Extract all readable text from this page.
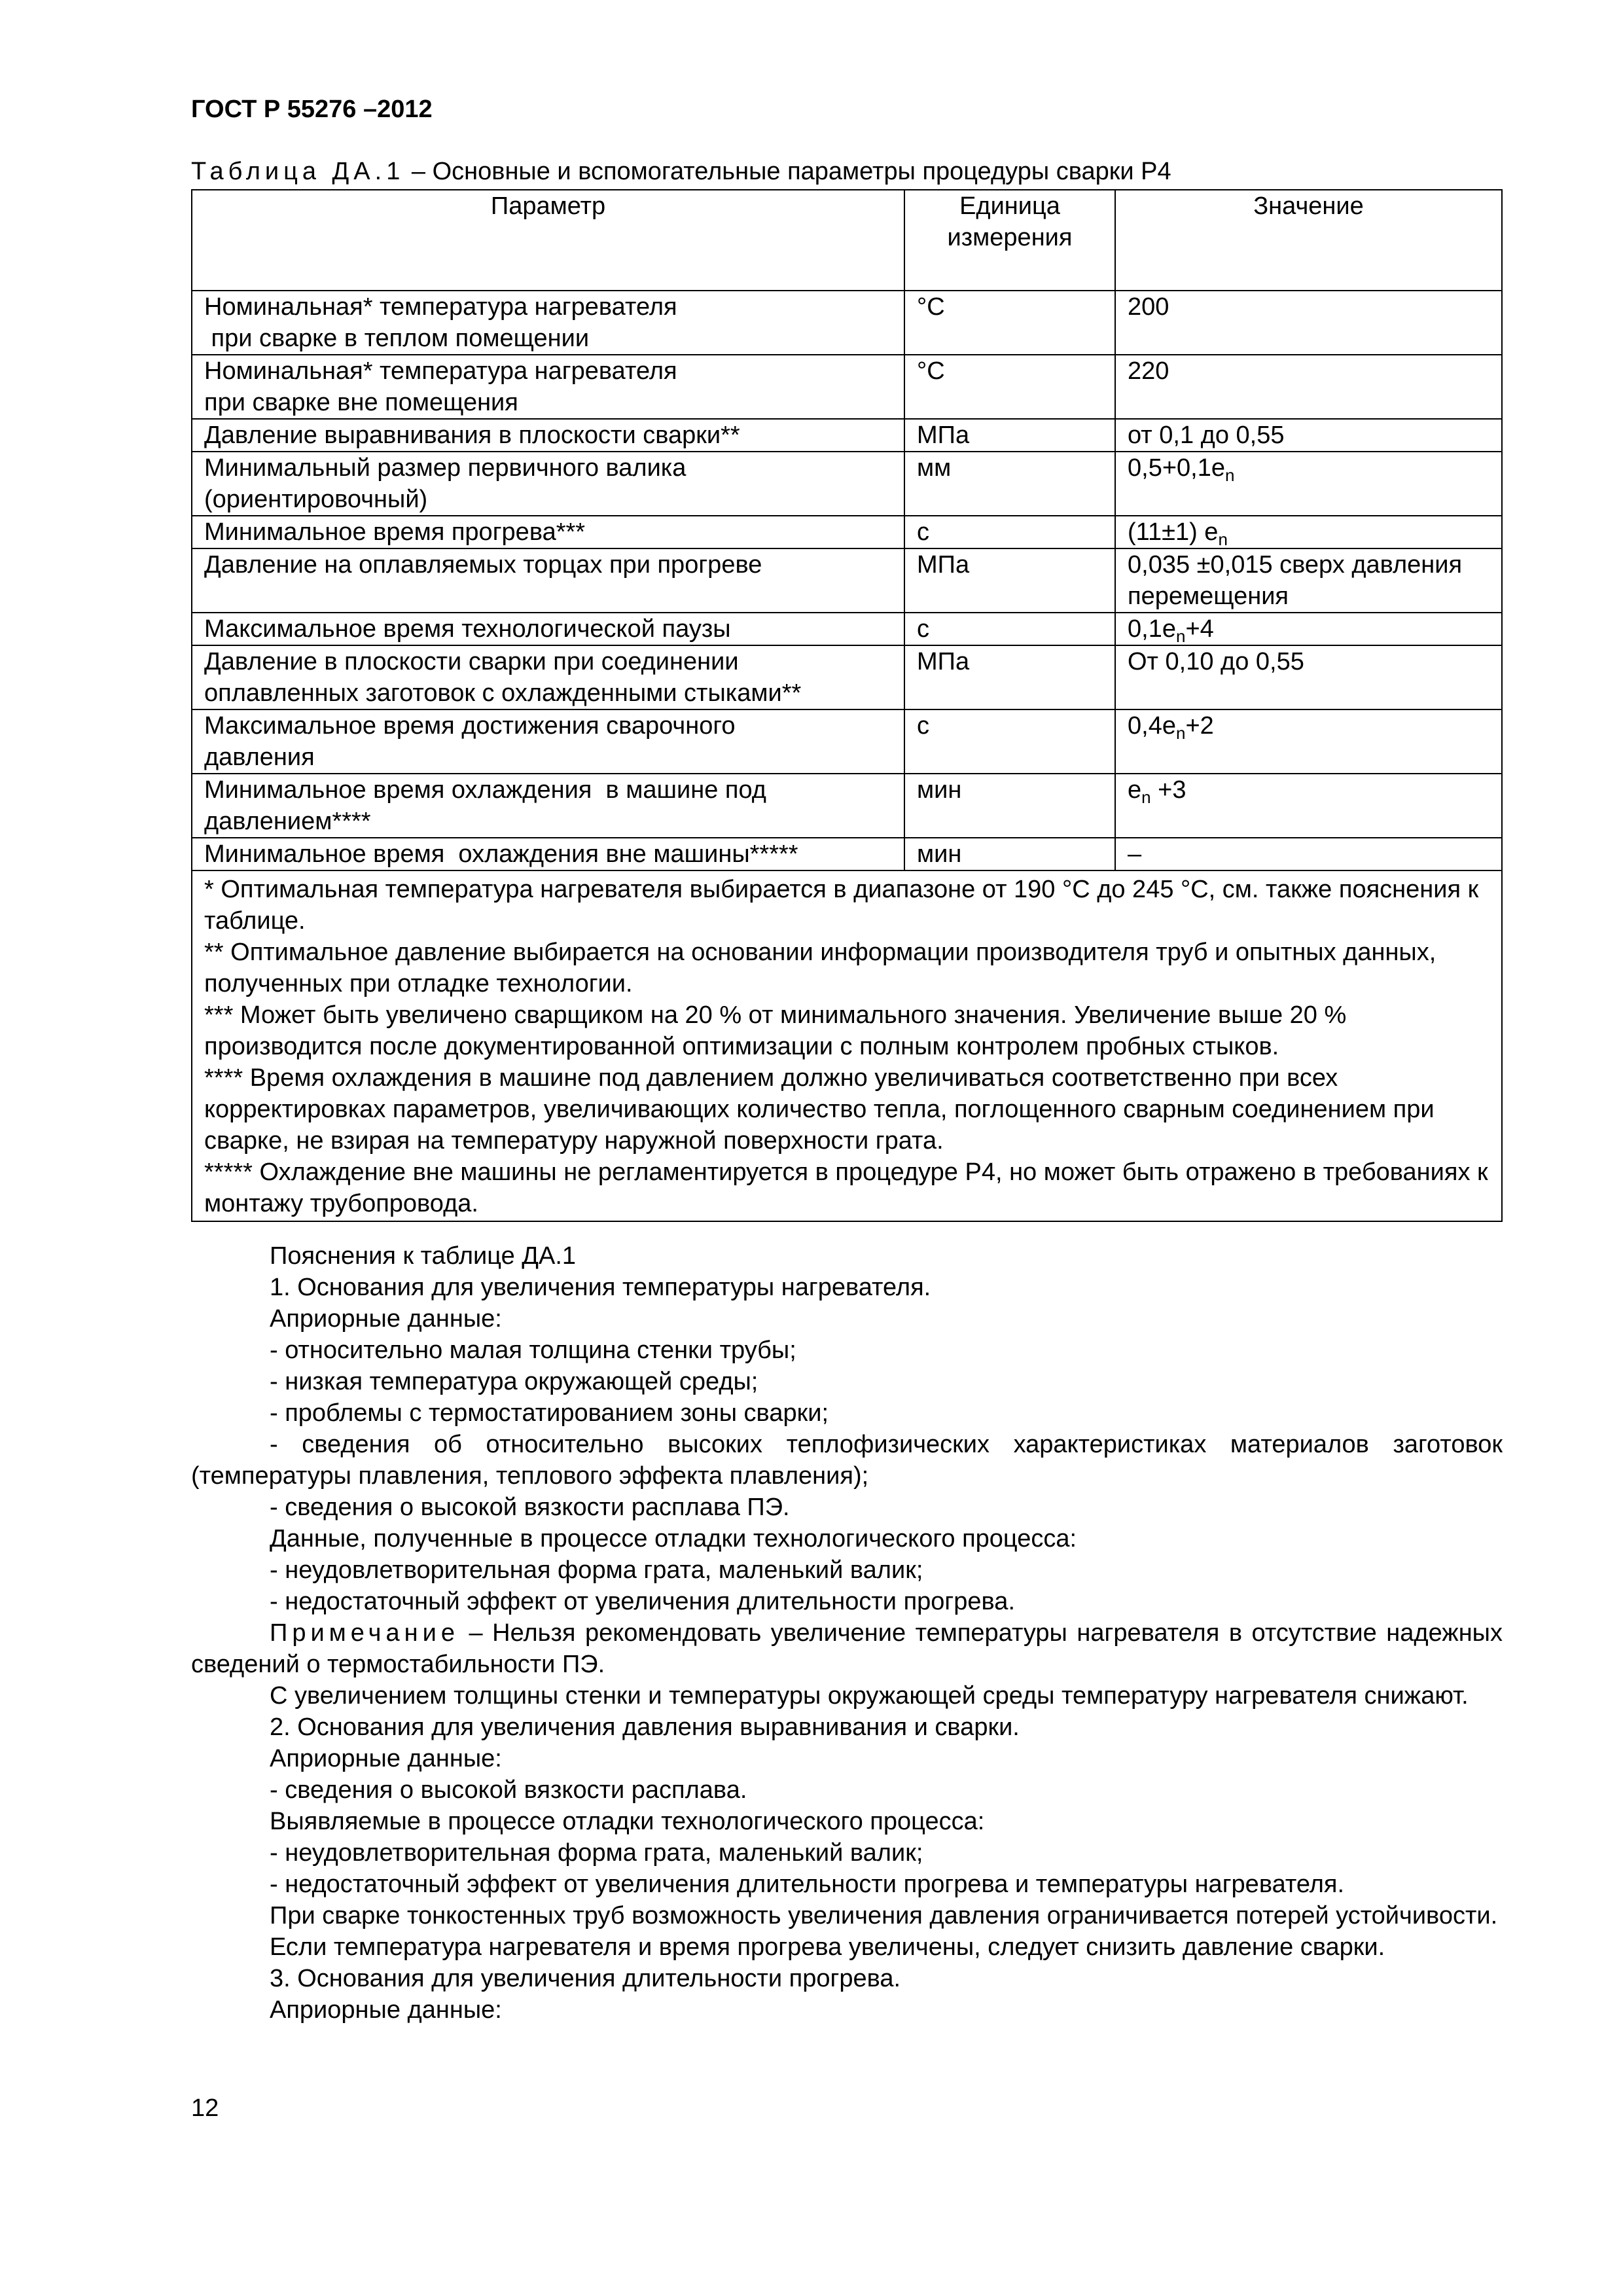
ГОСТ Р 55276 –2012
Таблица ДА.1 – Основные и вспомогательные параметры процедуры сварки Р4
Параметр	Единица измерения	Значение

Номинальная* температура нагревателя
при сварке в теплом помещении	°С	200

Номинальная* температура нагревателя
при сварке вне помещения	°С	220

Давление выравнивания в плоскости сварки**	МПа	от 0,1 до 0,55

Минимальный размер первичного валика
(ориентировочный)	мм	$0,5+0,1e_n$

Минимальное время прогрева***	с	(11±1) $e_n$

Давление на оплавляемых торцах при прогреве	МПа	0,035 ±0,015 сверх давления перемещения

Максимальное время технологической паузы	с	$0,1e_n+4$

Давление в плоскости сварки при соединении
оплавленных заготовок с охлажденными стыками**	МПа	От 0,10 до 0,55

Максимальное время достижения сварочного
давления	с	$0,4e_n+2$

Минимальное время охлаждения  в машине под
давлением****	мин	$e_n +3$

Минимальное время  охлаждения вне машины*****	мин	–

* Оптимальная температура нагревателя выбирается в диапазоне от 190 °С до 245 °С, см. также пояснения к таблице.
** Оптимальное давление выбирается на основании информации производителя труб и опытных данных, полученных при отладке технологии.
*** Может быть увеличено сварщиком на 20 % от минимального значения. Увеличение выше 20 % производится после документированной оптимизации с полным контролем пробных стыков.
**** Время охлаждения в машине под давлением должно увеличиваться соответственно при всех корректировках параметров, увеличивающих количество тепла, поглощенного сварным соединением при сварке, не взирая на температуру наружной поверхности грата.
***** Охлаждение вне машины не регламентируется в процедуре Р4, но может быть отражено в требованиях к монтажу трубопровода.		

Пояснения к таблице ДА.1

1. Основания для увеличения температуры нагревателя.

Априорные данные:

- относительно малая толщина стенки трубы;

- низкая температура окружающей среды;

- проблемы с термостатированием зоны сварки;

- сведения об относительно высоких теплофизических характеристиках материалов заготовок (температуры плавления, теплового эффекта плавления);

- сведения о высокой вязкости расплава ПЭ.

Данные, полученные в процессе отладки технологического процесса:

- неудовлетворительная форма грата, маленький валик;

- недостаточный эффект от увеличения длительности прогрева.

Примечание – Нельзя рекомендовать увеличение температуры нагревателя в отсутствие надежных сведений о термостабильности ПЭ.

С увеличением толщины стенки и температуры окружающей среды температуру нагревателя снижают.

2. Основания для увеличения давления выравнивания и сварки.

Априорные данные:

- сведения о высокой вязкости расплава.

Выявляемые в процессе отладки технологического процесса:

- неудовлетворительная форма грата, маленький валик;

- недостаточный эффект от увеличения длительности прогрева и температуры нагревателя.

При сварке тонкостенных труб возможность увеличения давления ограничивается потерей устойчивости.

Если температура нагревателя и время прогрева увеличены, следует снизить давление сварки.

3. Основания для увеличения длительности прогрева.

Априорные данные:

12
